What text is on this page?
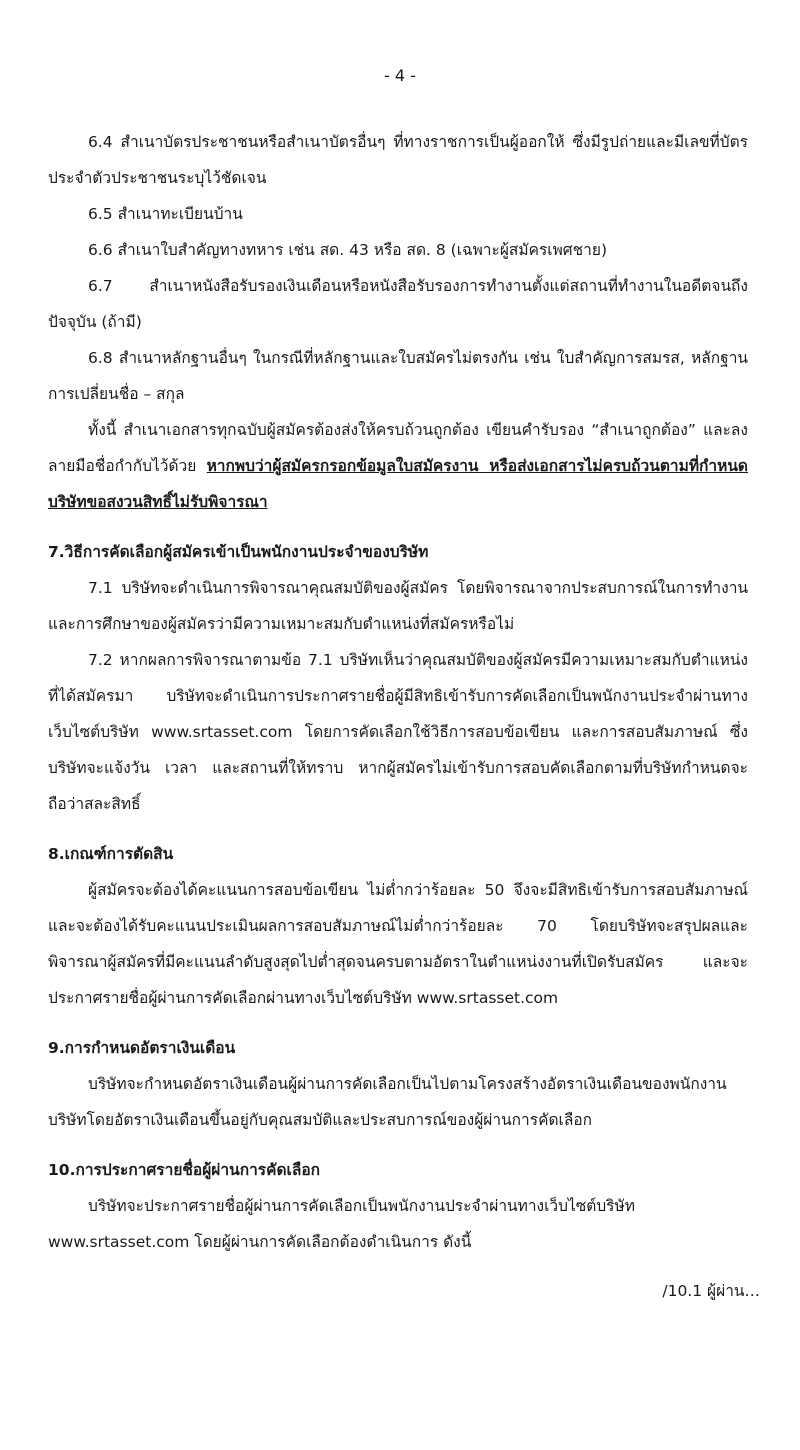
- 4 -

6.4 สำเนาบัตรประชาชนหรือสำเนาบัตรอื่นๆ ที่ทางราชการเป็นผู้ออกให้ ซึ่งมีรูปถ่ายและมีเลขที่บัตรประจำตัวประชาชนระบุไว้ชัดเจน

6.5 สำเนาทะเบียนบ้าน

6.6 สำเนาใบสำคัญทางทหาร เช่น สด. 43 หรือ สด. 8 (เฉพาะผู้สมัครเพศชาย)

6.7 สำเนาหนังสือรับรองเงินเดือนหรือหนังสือรับรองการทำงานตั้งแต่สถานที่ทำงานในอดีตจนถึงปัจจุบัน (ถ้ามี)

6.8 สำเนาหลักฐานอื่นๆ ในกรณีที่หลักฐานและใบสมัครไม่ตรงกัน เช่น ใบสำคัญการสมรส, หลักฐานการเปลี่ยนชื่อ – สกุล

ทั้งนี้ สำเนาเอกสารทุกฉบับผู้สมัครต้องส่งให้ครบถ้วนถูกต้อง เขียนคำรับรอง “สำเนาถูกต้อง” และลงลายมือชื่อกำกับไว้ด้วย หากพบว่าผู้สมัครกรอกข้อมูลใบสมัครงาน หรือส่งเอกสารไม่ครบถ้วนตามที่กำหนด บริษัทขอสงวนสิทธิ์ไม่รับพิจารณา

7.วิธีการคัดเลือกผู้สมัครเข้าเป็นพนักงานประจำของบริษัท

7.1 บริษัทจะดำเนินการพิจารณาคุณสมบัติของผู้สมัคร โดยพิจารณาจากประสบการณ์ในการทำงานและการศึกษาของผู้สมัครว่ามีความเหมาะสมกับตำแหน่งที่สมัครหรือไม่

7.2 หากผลการพิจารณาตามข้อ 7.1 บริษัทเห็นว่าคุณสมบัติของผู้สมัครมีความเหมาะสมกับตำแหน่งที่ได้สมัครมา บริษัทจะดำเนินการประกาศรายชื่อผู้มีสิทธิเข้ารับการคัดเลือกเป็นพนักงานประจำผ่านทางเว็บไซต์บริษัท www.srtasset.com โดยการคัดเลือกใช้วิธีการสอบข้อเขียน และการสอบสัมภาษณ์ ซึ่งบริษัทจะแจ้งวัน เวลา และสถานที่ให้ทราบ หากผู้สมัครไม่เข้ารับการสอบคัดเลือกตามที่บริษัทกำหนดจะถือว่าสละสิทธิ์

8.เกณฑ์การตัดสิน

ผู้สมัครจะต้องได้คะแนนการสอบข้อเขียน ไม่ต่ำกว่าร้อยละ 50 จึงจะมีสิทธิเข้ารับการสอบสัมภาษณ์และจะต้องได้รับคะแนนประเมินผลการสอบสัมภาษณ์ไม่ต่ำกว่าร้อยละ 70 โดยบริษัทจะสรุปผลและพิจารณาผู้สมัครที่มีคะแนนลำดับสูงสุดไปต่ำสุดจนครบตามอัตราในตำแหน่งงานที่เปิดรับสมัคร และจะประกาศรายชื่อผู้ผ่านการคัดเลือกผ่านทางเว็บไซต์บริษัท www.srtasset.com

9.การกำหนดอัตราเงินเดือน

บริษัทจะกำหนดอัตราเงินเดือนผู้ผ่านการคัดเลือกเป็นไปตามโครงสร้างอัตราเงินเดือนของพนักงานบริษัทโดยอัตราเงินเดือนขึ้นอยู่กับคุณสมบัติและประสบการณ์ของผู้ผ่านการคัดเลือก

10.การประกาศรายชื่อผู้ผ่านการคัดเลือก

บริษัทจะประกาศรายชื่อผู้ผ่านการคัดเลือกเป็นพนักงานประจำผ่านทางเว็บไซต์บริษัท www.srtasset.com โดยผู้ผ่านการคัดเลือกต้องดำเนินการ ดังนี้

/10.1 ผู้ผ่าน…
